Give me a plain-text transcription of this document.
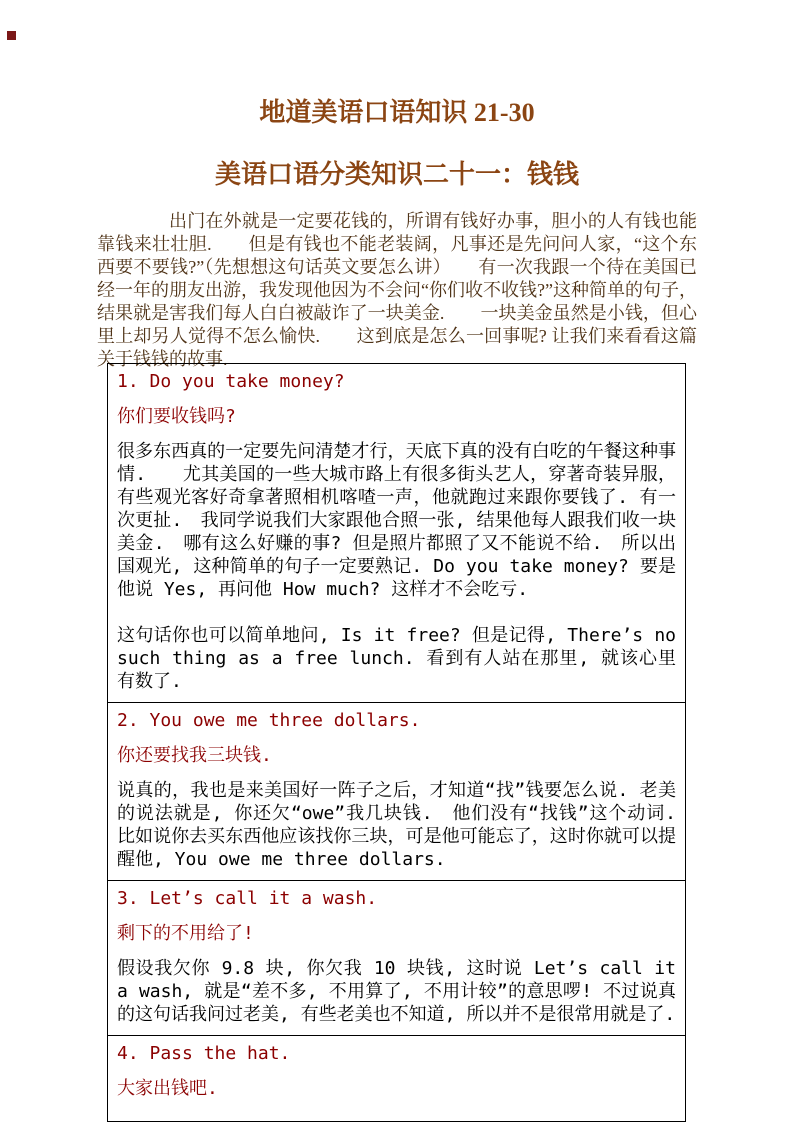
地道美语口语知识 21-30
美语口语分类知识二十一：钱钱

出门在外就是一定要花钱的，所谓有钱好办事，胆小的人有钱也能靠钱来壮壮胆.　　但是有钱也不能老装阔，凡事还是先问问人家，“这个东西要不要钱?”（先想想这句话英文要怎么讲）　　有一次我跟一个待在美国已经一年的朋友出游，我发现他因为不会问“你们收不收钱?”这种简单的句子，结果就是害我们每人白白被敲诈了一块美金.　　一块美金虽然是小钱，但心里上却另人觉得不怎么愉快.　　这到底是怎么一回事呢? 让我们来看看这篇关于钱钱的故事.

1. Do you take money?

你们要收钱吗?

很多东西真的一定要先问清楚才行，天底下真的没有白吃的午餐这种事情.　　尤其美国的一些大城市路上有很多街头艺人，穿著奇装异服，有些观光客好奇拿著照相机喀喳一声，他就跑过来跟你要钱了. 有一次更扯.　我同学说我们大家跟他合照一张, 结果他每人跟我们收一块美金.　哪有这么好赚的事? 但是照片都照了又不能说不给.　所以出国观光, 这种简单的句子一定要熟记. Do you take money? 要是他说 Yes, 再问他 How much? 这样才不会吃亏.

这句话你也可以简单地问, Is it free? 但是记得, There’s no such thing as a free lunch. 看到有人站在那里, 就该心里有数了.

2. You owe me three dollars.

你还要找我三块钱.

说真的，我也是来美国好一阵子之后，才知道“找”钱要怎么说. 老美的说法就是, 你还欠“owe”我几块钱.　他们没有“找钱”这个动词. 比如说你去买东西他应该找你三块，可是他可能忘了，这时你就可以提醒他, You owe me three dollars.

3. Let’s call it a wash.

剩下的不用给了!

假设我欠你 9.8 块, 你欠我 10 块钱, 这时说 Let’s call it a wash, 就是“差不多, 不用算了, 不用计较”的意思啰! 不过说真的这句话我问过老美, 有些老美也不知道, 所以并不是很常用就是了.

4. Pass the hat.

大家出钱吧.
